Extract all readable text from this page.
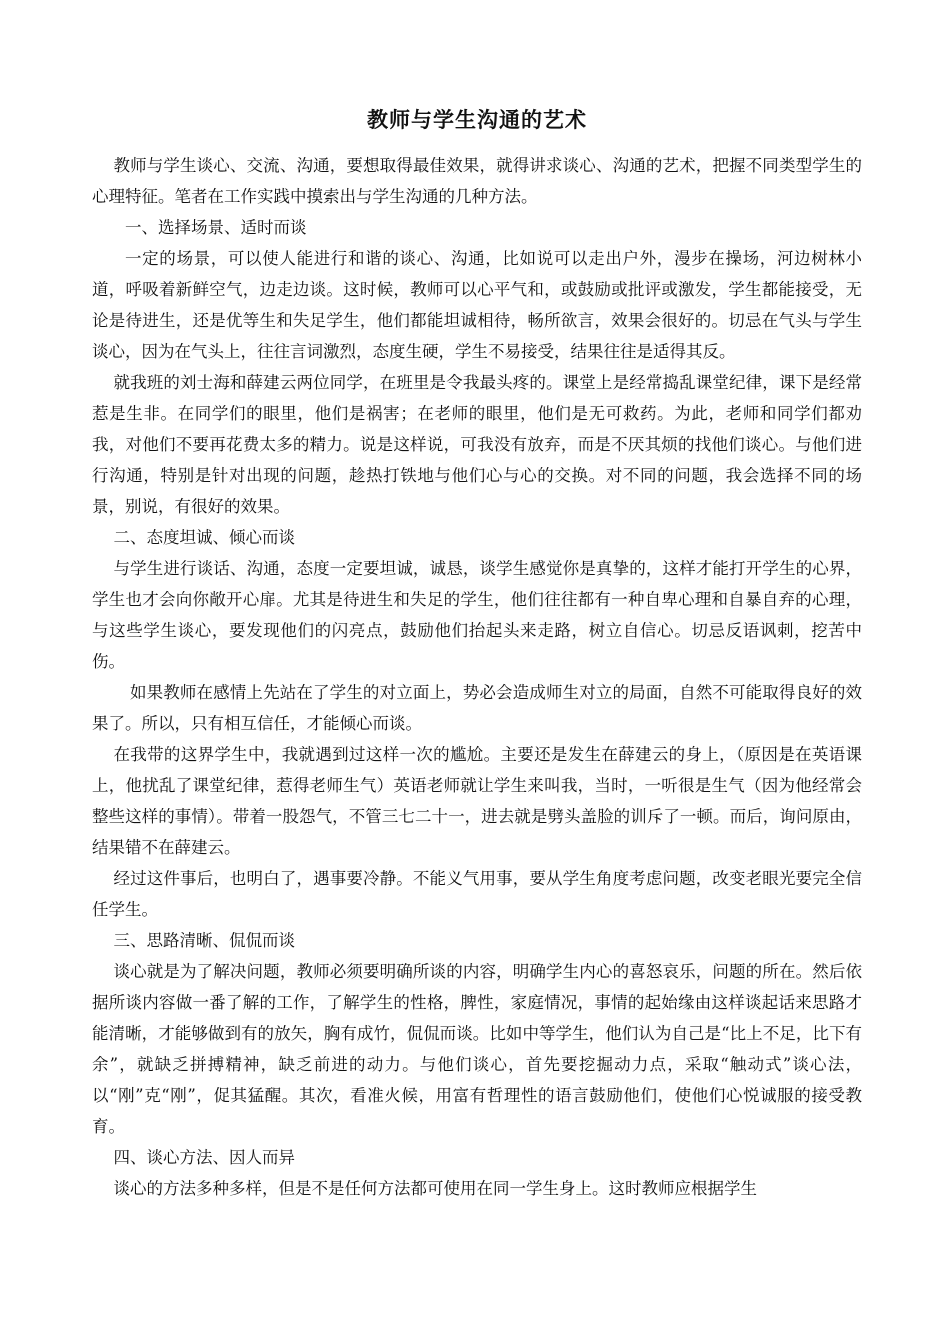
教师与学生沟通的艺术

教师与学生谈心、交流、沟通，要想取得最佳效果，就得讲求谈心、沟通的艺术，把握不同类型学生的心理特征。笔者在工作实践中摸索出与学生沟通的几种方法。

一、选择场景、适时而谈

一定的场景，可以使人能进行和谐的谈心、沟通，比如说可以走出户外，漫步在操场，河边树林小道，呼吸着新鲜空气，边走边谈。这时候，教师可以心平气和，或鼓励或批评或激发，学生都能接受，无论是待进生，还是优等生和失足学生，他们都能坦诚相待，畅所欲言，效果会很好的。切忌在气头与学生谈心，因为在气头上，往往言词激烈，态度生硬，学生不易接受，结果往往是适得其反。

就我班的刘士海和薛建云两位同学，在班里是令我最头疼的。课堂上是经常捣乱课堂纪律，课下是经常惹是生非。在同学们的眼里，他们是祸害；在老师的眼里，他们是无可救药。为此，老师和同学们都劝我，对他们不要再花费太多的精力。说是这样说，可我没有放弃，而是不厌其烦的找他们谈心。与他们进行沟通，特别是针对出现的问题，趁热打铁地与他们心与心的交换。对不同的问题，我会选择不同的场景，别说，有很好的效果。

二、态度坦诚、倾心而谈

与学生进行谈话、沟通，态度一定要坦诚，诚恳，谈学生感觉你是真挚的，这样才能打开学生的心界，学生也才会向你敞开心扉。尤其是待进生和失足的学生，他们往往都有一种自卑心理和自暴自弃的心理，与这些学生谈心，要发现他们的闪亮点，鼓励他们抬起头来走路，树立自信心。切忌反语讽刺，挖苦中伤。

如果教师在感情上先站在了学生的对立面上，势必会造成师生对立的局面，自然不可能取得良好的效果了。所以，只有相互信任，才能倾心而谈。

在我带的这界学生中，我就遇到过这样一次的尴尬。主要还是发生在薛建云的身上，（原因是在英语课上，他扰乱了课堂纪律，惹得老师生气）英语老师就让学生来叫我，当时，一听很是生气（因为他经常会整些这样的事情）。带着一股怨气，不管三七二十一，进去就是劈头盖脸的训斥了一顿。而后，询问原由，结果错不在薛建云。

经过这件事后，也明白了，遇事要冷静。不能义气用事，要从学生角度考虑问题，改变老眼光要完全信任学生。

三、思路清晰、侃侃而谈

谈心就是为了解决问题，教师必须要明确所谈的内容，明确学生内心的喜怒哀乐，问题的所在。然后依据所谈内容做一番了解的工作，了解学生的性格，脾性，家庭情况，事情的起始缘由这样谈起话来思路才能清晰，才能够做到有的放矢，胸有成竹，侃侃而谈。比如中等学生，他们认为自己是“比上不足，比下有余”，就缺乏拼搏精神，缺乏前进的动力。与他们谈心，首先要挖掘动力点，采取“触动式”谈心法，以“刚”克“刚”，促其猛醒。其次，看准火候，用富有哲理性的语言鼓励他们，使他们心悦诚服的接受教育。

四、谈心方法、因人而异

谈心的方法多种多样，但是不是任何方法都可使用在同一学生身上。这时教师应根据学生
